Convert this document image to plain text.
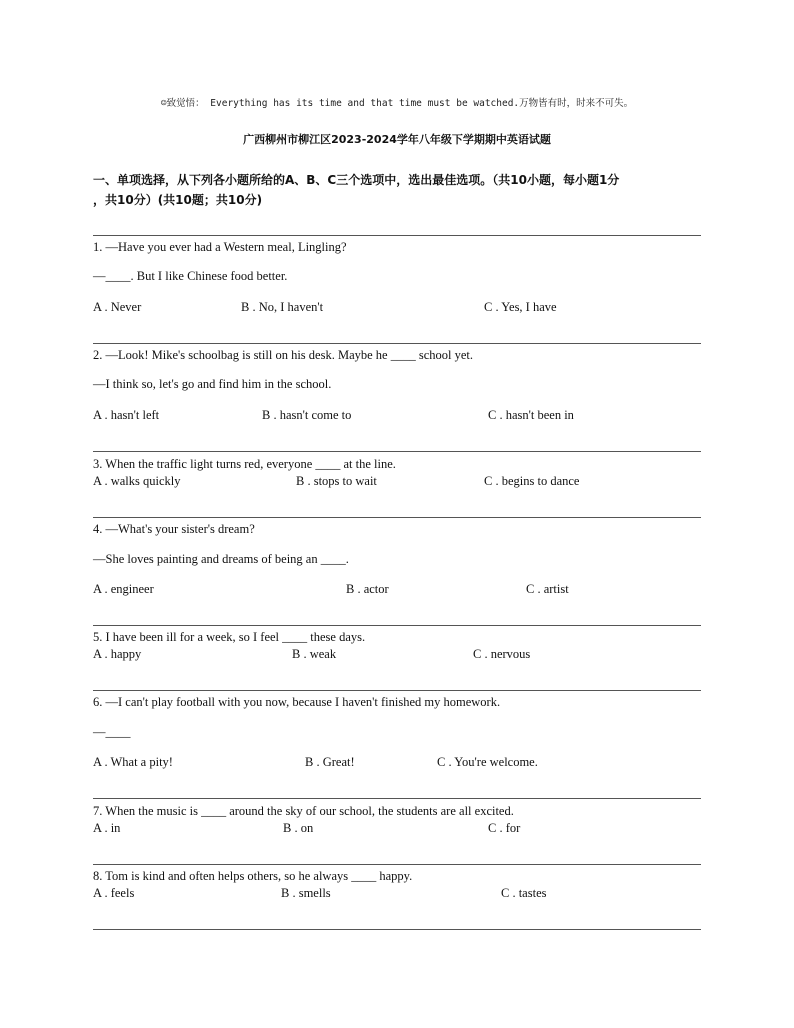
☺致觉悟： Everything has its time and that time must be watched.万物皆有时，时来不可失。
广西柳州市柳江区2023-2024学年八年级下学期期中英语试题
一、单项选择，从下列各小题所给的A、B、C三个选项中，选出最佳选项。（共10小题，每小题1分
，共10分）(共10题；共10分)
1. —Have you ever had a Western meal, Lingling?
—____. But I like Chinese food better.
A . Never	B . No, I haven't	C . Yes, I have
2. —Look! Mike's schoolbag is still on his desk. Maybe he ____ school yet.
—I think so, let's go and find him in the school.
A . hasn't left	B . hasn't come to	C . hasn't been in
3. When the traffic light turns red, everyone ____ at the line.
A . walks quickly	B . stops to wait	C . begins to dance
4. —What's your sister's dream?
—She loves painting and dreams of being an ____.
A . engineer	B . actor	C . artist
5. I have been ill for a week, so I feel ____ these days.
A . happy	B . weak	C . nervous
6. —I can't play football with you now, because I haven't finished my homework.
—____
A . What a pity!	B . Great!	C . You're welcome.
7. When the music is ____ around the sky of our school, the students are all excited.
A . in	B . on	C . for
8. Tom is kind and often helps others, so he always ____ happy.
A . feels	B . smells	C . tastes
